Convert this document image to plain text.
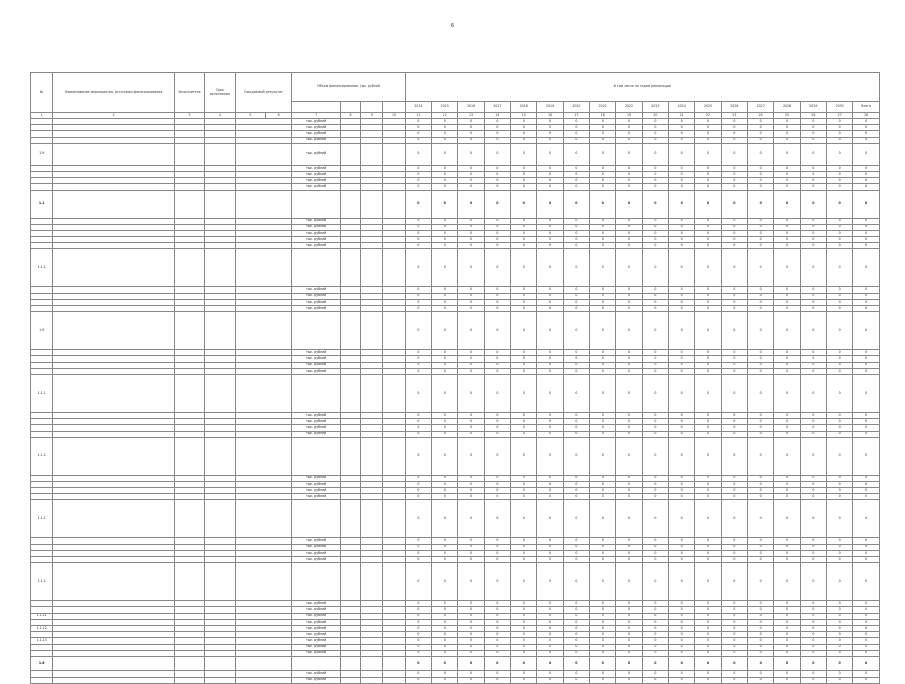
6
№	Наименование мероприятия, источники финансирования	Исполнитель	Срок исполнения	Ожидаемый результат		Объем финансирования, тыс. рублей				В том числе по годам реализации																	
										2014	2015	2016	2017	2018	2019	2020	2021	2022	2023	2024	2025	2026	2027	2028	2029	2030	Всего
1	2	3	4	5	6	7	8	9	10	11	12	13	14	15	16	17	18	19	20	21	22	23	24	25	26	27	28
						тыс. рублей				0	0	0	0	0	0	0	0	0	0	0	0	0	0	0	0	0	0
						тыс. рублей				0	0	0	0	0	0	0	0	0	0	0	0	0	0	0	0	0	0
						тыс. рублей				0	0	0	0	0	0	0	0	0	0	0	0	0	0	0	0	0	0
						тыс. рублей				0	0	0	0	0	0	0	0	0	0	0	0	0	0	0	0	0	0
1.9						тыс. рублей				0	0	0	0	0	0	0	0	0	0	0	0	0	0	0	0	0	0
						тыс. рублей				0	0	0	0	0	0	0	0	0	0	0	0	0	0	0	0	0	0
						тыс. рублей				0	0	0	0	0	0	0	0	0	0	0	0	0	0	0	0	0	0
						тыс. рублей				0	0	0	0	0	0	0	0	0	0	0	0	0	0	0	0	0	0
						тыс. рублей				0	0	0	0	0	0	0	0	0	0	0	0	0	0	0	0	0	0
1.1										0	0	0	0	0	0	0	0	0	0	0	0	0	0	0	0	0	0
						тыс. рублей				0	0	0	0	0	0	0	0	0	0	0	0	0	0	0	0	0	0
						тыс. рублей				0	0	0	0	0	0	0	0	0	0	0	0	0	0	0	0	0	0
						тыс. рублей				0	0	0	0	0	0	0	0	0	0	0	0	0	0	0	0	0	0
						тыс. рублей				0	0	0	0	0	0	0	0	0	0	0	0	0	0	0	0	0	0
						тыс. рублей				0	0	0	0	0	0	0	0	0	0	0	0	0	0	0	0	0	0
1.1.1										0	0	0	0	0	0	0	0	0	0	0	0	0	0	0	0	0	0
						тыс. рублей				0	0	0	0	0	0	0	0	0	0	0	0	0	0	0	0	0	0
						тыс. рублей				0	0	0	0	0	0	0	0	0	0	0	0	0	0	0	0	0	0
						тыс. рублей				0	0	0	0	0	0	0	0	0	0	0	0	0	0	0	0	0	0
						тыс. рублей				0	0	0	0	0	0	0	0	0	0	0	0	0	0	0	0	0	0
1.9										0	0	0	0	0	0	0	0	0	0	0	0	0	0	0	0	0	0
						тыс. рублей				0	0	0	0	0	0	0	0	0	0	0	0	0	0	0	0	0	0
						тыс. рублей				0	0	0	0	0	0	0	0	0	0	0	0	0	0	0	0	0	0
						тыс. рублей				0	0	0	0	0	0	0	0	0	0	0	0	0	0	0	0	0	0
						тыс. рублей				0	0	0	0	0	0	0	0	0	0	0	0	0	0	0	0	0	0
1.1.1										0	0	0	0	0	0	0	0	0	0	0	0	0	0	0	0	0	0
						тыс. рублей				0	0	0	0	0	0	0	0	0	0	0	0	0	0	0	0	0	0
						тыс. рублей				0	0	0	0	0	0	0	0	0	0	0	0	0	0	0	0	0	0
						тыс. рублей				0	0	0	0	0	0	0	0	0	0	0	0	0	0	0	0	0	0
						тыс. рублей				0	0	0	0	0	0	0	0	0	0	0	0	0	0	0	0	0	0
1.1.1										0	0	0	0	0	0	0	0	0	0	0	0	0	0	0	0	0	0
						тыс. рублей				0	0	0	0	0	0	0	0	0	0	0	0	0	0	0	0	0	0
						тыс. рублей				0	0	0	0	0	0	0	0	0	0	0	0	0	0	0	0	0	0
						тыс. рублей				0	0	0	0	0	0	0	0	0	0	0	0	0	0	0	0	0	0
						тыс. рублей				0	0	0	0	0	0	0	0	0	0	0	0	0	0	0	0	0	0
1.1.1										0	0	0	0	0	0	0	0	0	0	0	0	0	0	0	0	0	0
						тыс. рублей				0	0	0	0	0	0	0	0	0	0	0	0	0	0	0	0	0	0
						тыс. рублей				0	0	0	0	0	0	0	0	0	0	0	0	0	0	0	0	0	0
						тыс. рублей				0	0	0	0	0	0	0	0	0	0	0	0	0	0	0	0	0	0
						тыс. рублей				0	0	0	0	0	0	0	0	0	0	0	0	0	0	0	0	0	0
1.1.1										0	0	0	0	0	0	0	0	0	0	0	0	0	0	0	0	0	0
						тыс. рублей				0	0	0	0	0	0	0	0	0	0	0	0	0	0	0	0	0	0
						тыс. рублей				0	0	0	0	0	0	0	0	0	0	0	0	0	0	0	0	0	0
1.1.11						тыс. рублей				0	0	0	0	0	0	0	0	0	0	0	0	0	0	0	0	0	0
						тыс. рублей				0	0	0	0	0	0	0	0	0	0	0	0	0	0	0	0	0	0
1.1.12						тыс. рублей				0	0	0	0	0	0	0	0	0	0	0	0	0	0	0	0	0	0
						тыс. рублей				0	0	0	0	0	0	0	0	0	0	0	0	0	0	0	0	0	0
1.1.13						тыс. рублей				0	0	0	0	0	0	0	0	0	0	0	0	0	0	0	0	0	0
						тыс. рублей				0	0	0	0	0	0	0	0	0	0	0	0	0	0	0	0	0	0
						тыс. рублей				0	0	0	0	0	0	0	0	0	0	0	0	0	0	0	0	0	0
1.6										0	0	0	0	0	0	0	0	0	0	0	0	0	0	0	0	0	0
						тыс. рублей				0	0	0	0	0	0	0	0	0	0	0	0	0	0	0	0	0	0
						тыс. рублей				0	0	0	0	0	0	0	0	0	0	0	0	0	0	0	0	0	0
